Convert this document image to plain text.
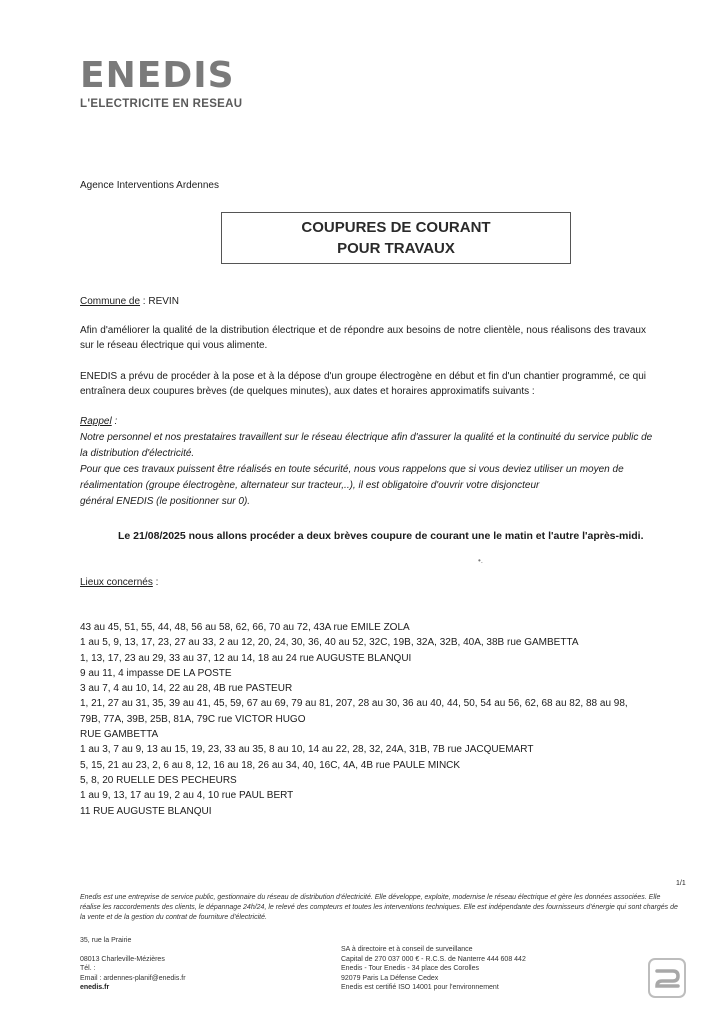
ENEDIS
L'ELECTRICITE EN RESEAU
Agence Interventions Ardennes
COUPURES DE COURANT
POUR TRAVAUX
Commune de : REVIN
Afin d'améliorer la qualité de la distribution électrique et de répondre aux besoins de notre clientèle, nous réalisons des travaux sur le réseau électrique qui vous alimente.
ENEDIS a prévu de procéder à la pose et à la dépose d'un groupe électrogène en début et fin d'un chantier programmé, ce qui entraînera deux coupures brèves (de quelques minutes), aux dates et horaires approximatifs suivants :
Rappel :
Notre personnel et nos prestataires travaillent sur le réseau électrique afin d'assurer la qualité et la continuité du service public de la distribution d'électricité.
Pour que ces travaux puissent être réalisés en toute sécurité, nous vous rappelons que si vous deviez utiliser un moyen de réalimentation (groupe électrogène, alternateur sur tracteur,..), il est obligatoire d'ouvrir votre disjoncteur
général ENEDIS (le positionner sur 0).
Le 21/08/2025 nous allons procéder a deux brèves coupure de courant une le matin et l'autre l'après-midi.
•.
Lieux concernés :
43 au 45, 51, 55, 44, 48, 56 au 58, 62, 66, 70 au 72, 43A rue EMILE ZOLA
1 au 5, 9, 13, 17, 23, 27 au 33, 2 au 12, 20, 24, 30, 36, 40 au 52, 32C, 19B, 32A, 32B, 40A, 38B rue GAMBETTA
1, 13, 17, 23 au 29, 33 au 37, 12 au 14, 18 au 24 rue AUGUSTE BLANQUI
9 au 11, 4 impasse DE LA POSTE
3 au 7, 4 au 10, 14, 22 au 28, 4B rue PASTEUR
1, 21, 27 au 31, 35, 39 au 41, 45, 59, 67 au 69, 79 au 81, 207, 28 au 30, 36 au 40, 44, 50, 54 au 56, 62, 68 au 82, 88 au 98,
79B, 77A, 39B, 25B, 81A, 79C rue VICTOR HUGO
RUE GAMBETTA
1 au 3, 7 au 9, 13 au 15, 19, 23, 33 au 35, 8 au 10, 14 au 22, 28, 32, 24A, 31B, 7B rue JACQUEMART
5, 15, 21 au 23, 2, 6 au 8, 12, 16 au 18, 26 au 34, 40, 16C, 4A, 4B rue PAULE MINCK
5, 8, 20 RUELLE DES PECHEURS
1 au 9, 13, 17 au 19, 2 au 4, 10 rue PAUL BERT
11 RUE AUGUSTE BLANQUI
1/1
Enedis est une entreprise de service public, gestionnaire du réseau de distribution d'électricité. Elle développe, exploite, modernise le réseau électrique et gère les données associées. Elle réalise les raccordements des clients, le dépannage 24h/24, le relevé des compteurs et toutes les interventions techniques. Elle est indépendante des fournisseurs d'énergie qui sont chargés de la vente et de la gestion du contrat de fourniture d'électricité.
35, rue la Prairie
08013 Charleville-Mézières
Tél. :
Email : ardennes-planif@enedis.fr
enedis.fr
SA à directoire et à conseil de surveillance
Capital de 270 037 000 € - R.C.S. de Nanterre 444 608 442
Enedis - Tour Enedis - 34 place des Corolles
92079 Paris La Défense Cedex
Enedis est certifié ISO 14001 pour l'environnement
